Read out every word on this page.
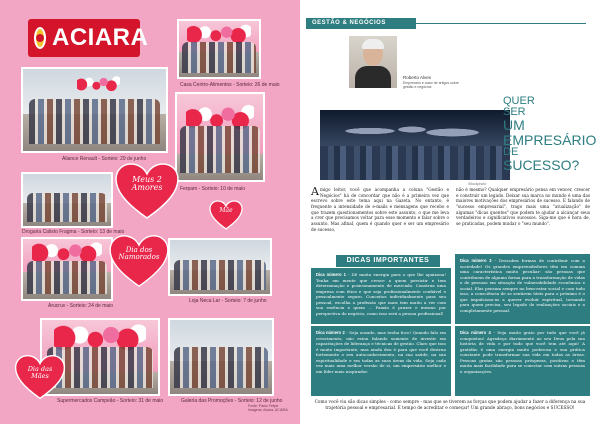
ACIARA
Casa Centro-Alimentos - Sorteio: 26 de maio
Aliance Renault - Sorteio: 29 de junho
Ferpam - Sorteio: 10 de maio
Drogaria Calisto Fragma - Sorteio: 13 de maio
Meus 2
Amores
Mãe
Arucruv - Sorteio: 24 de maio
Dia dos
Namorados
Loja Neca Lar - Sorteio: 7 de junho
Supermercados Campeão - Sorteio: 31 de maio
Dia das
Mães
Galeria das Promoções - Sorteio: 12 de junho
Fonte: Paulo Felipe
Imagens: Aciara, ACIARA
GESTÃO & NEGÓCIOS
Roberto Alves
Empresário e autor de artigos sobre gestão e negócios
iStockphoto
QUER
SER
UM
EMPRESÁRIO
DE
SUCESSO?
Amigo leitor, você que acompanha a coluna "Gestão e Negócios" há de concordar que não é a primeira vez que escrevo sobre este tema aqui na Gazeta. No entanto, é frequente a intensidade de e-mails e mensagens que recebo e que trazem questionamentos sobre este assunto, o que me leva a crer que precisamos voltar para esse momento e falar sobre o assunto. Mas afinal, quem é quando quer e ser um empresário de sucesso,
não é mesmo? Qualquer empresário pensa em vencer, crescer e construir um legado. Deixar sua marca no mundo é uma das maiores motivações dos empresários de sucesso. E falando de "sucesso empresarial", trago mais uma "atualização" de algumas "dicas quentes" que podem te ajudar a alcançar seus verdadeiros e significativos sucessos. Siga-me que é hora de, se praticadas, podem mudar o "seu mundo".
DICAS IMPORTANTES
Dica número 1 - Dê muita energia para o que lhe apaixona! Tenha em mente que cresce a quem persistir e tem determinação e posicionamento de mercado. Construa uma empresa com ética e que seja profissionalmente confiável e pessoalmente seguro. Conceitos individualmente para seu pessoal, escolha a profissão que mais tem muito a ver com sua essência e quem ... Paixão é prazer e mesmo por perspectiva do negócio, como isso será a pessoa profissional!
Dica número 2 - Seja ousado, mas tenha foco! Quando falo em crescimento, não estou falando somente de investir em capacitações de liderança e técnicas de gestão. Claro que isso é muito importante, mas ainda deu é para que você destrua fortemente o seu autoconhecimento, na sua saúde, na sua espiritualidade e em todas as suas áreas da vida. Seja cada vez mais uma melhor versão de si, um empresário melhor e um líder mais inspirador.
Dica número 3 - Descubra formas de contribuir com a sociedade! Os grandes empreendedores têm em comum uma característica muito peculiar: são pessoas que contribuem de alguma forma para a transformação de vidas e de pessoas em situação de vulnerabilidade econômica e social. Elas pensam sempre no bem-estar social e com tudo isso, a consciência de se sentirem úteis para o próximo é o que impulsiona-as a querer evoluir espiritual, tornando para quem precisa, seu legado de realizações sociais e a completamente pessoal.
Dica número 4 - Seja muito grato por tudo que você já conquistou! Agradeça diariamente ao seu Deus pela sua história de vida e por tudo que você tem até aqui! A gratidão é uma energia muito poderosa e sua prática constante pode transformar sua vida em todas as áreas. Pessoas gratas são pessoas prósperas, positivas e têm muita mais facilidade para se conectar com outras pessoas e organizações.
Como você viu são dicas simples - como sempre - mas que se tiverem as forças que podem ajudar a fazer a diferença na sua trajetória pessoal e empresarial. E tempo de acreditar e começar! Um grande abraço, bons negócios e SUCESSO!
